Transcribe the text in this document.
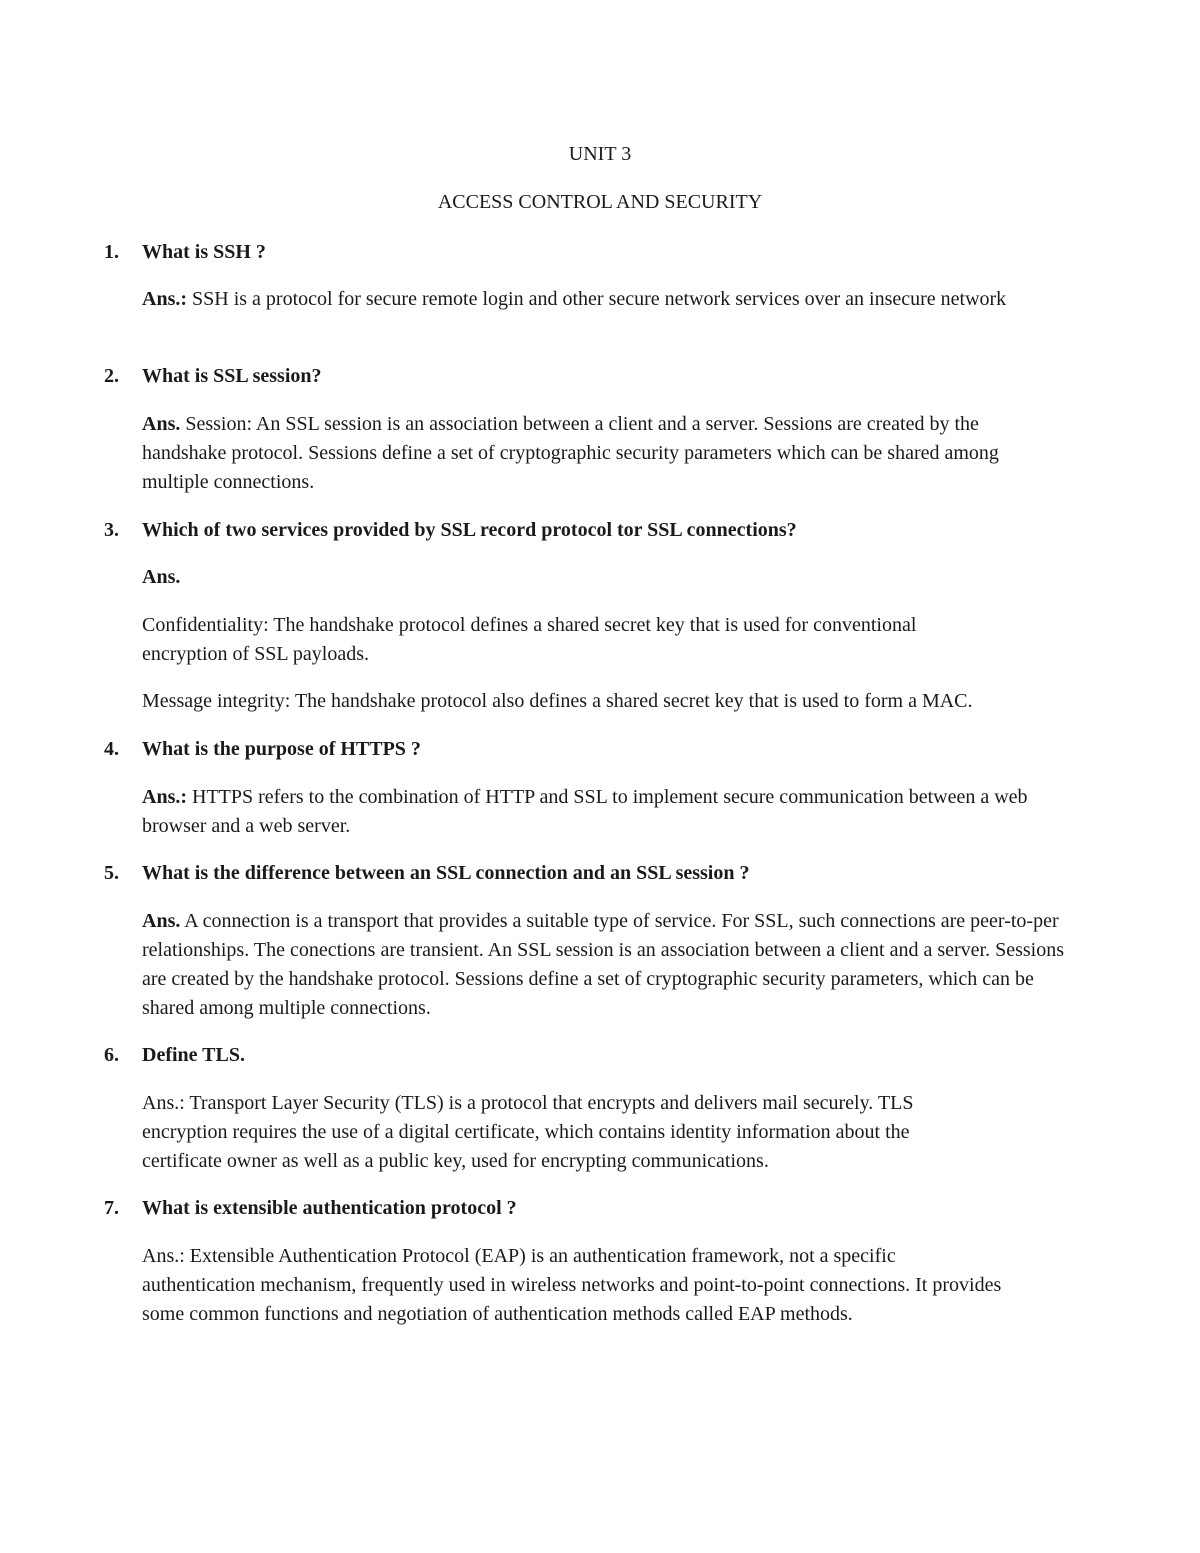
UNIT 3
ACCESS CONTROL AND SECURITY
1. What is SSH ?
Ans.: SSH is a protocol for secure remote login and other secure network services over an insecure network
2. What is SSL session?
Ans. Session: An SSL session is an association between a client and a server. Sessions are created by the handshake protocol. Sessions define a set of cryptographic security parameters which can be shared among multiple connections.
3. Which of two services provided by SSL record protocol tor SSL connections?
Ans.
Confidentiality: The handshake protocol defines a shared secret key that is used for conventional encryption of SSL payloads.
Message integrity: The handshake protocol also defines a shared secret key that is used to form a MAC.
4. What is the purpose of HTTPS ?
Ans.: HTTPS refers to the combination of HTTP and SSL to implement secure communication between a web browser and a web server.
5. What is the difference between an SSL connection and an SSL session ?
Ans. A connection is a transport that provides a suitable type of service. For SSL, such connections are peer-to-per relationships. The conections are transient. An SSL session is an association between a client and a server. Sessions are created by the handshake protocol. Sessions define a set of cryptographic security parameters, which can be shared among multiple connections.
6. Define TLS.
Ans.: Transport Layer Security (TLS) is a protocol that encrypts and delivers mail securely. TLS encryption requires the use of a digital certificate, which contains identity information about the certificate owner as well as a public key, used for encrypting communications.
7. What is extensible authentication protocol ?
Ans.: Extensible Authentication Protocol (EAP) is an authentication framework, not a specific authentication mechanism, frequently used in wireless networks and point-to-point connections. It provides some common functions and negotiation of authentication methods called EAP methods.
